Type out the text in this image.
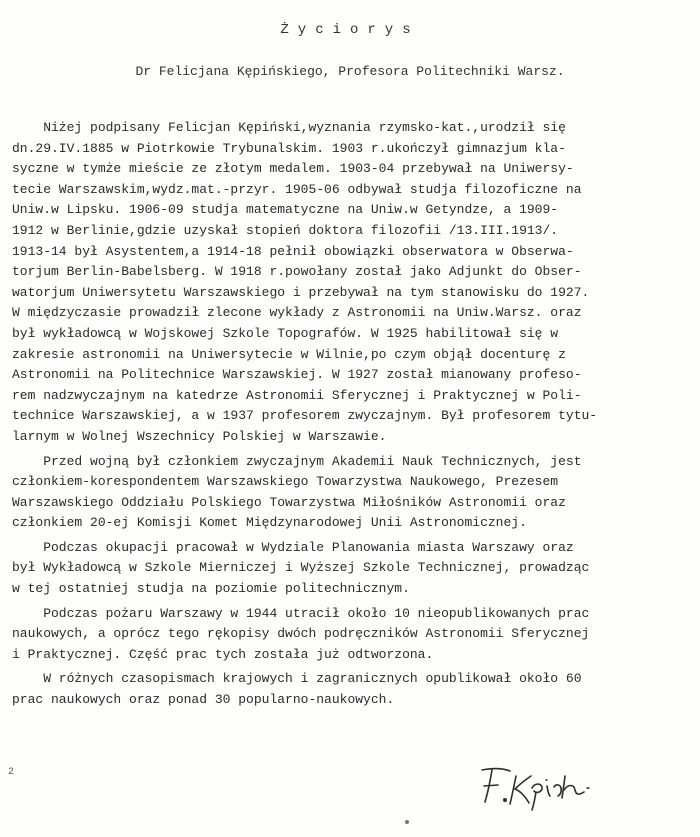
Życiorys
Dr Felicjana Kępińskiego, Profesora Politechniki Warsz.
Niżej podpisany Felicjan Kępiński,wyznania rzymsko-kat.,urodził się
dn.29.IV.1885 w Piotrkowie Trybunalskim. 1903 r.ukończył gimnazjum kla-
syczne w tymże mieście ze złotym medalem. 1903-04 przebywał na Uniwersy-
tecie Warszawskim,wydz.mat.-przyr. 1905-06 odbywał studja filozoficzne na
Uniw.w Lipsku. 1906-09 studja matematyczne na Uniw.w Getyndze, a 1909-
1912 w Berlinie,gdzie uzyskał stopień doktora filozofii /13.III.1913/.
1913-14 był Asystentem,a 1914-18 pełnił obowiązki obserwatora w Obserwa-
torjum Berlin-Babelsberg. W 1918 r.powołany został jako Adjunkt do Obser-
watorjum Uniwersytetu Warszawskiego i przebywał na tym stanowisku do 1927.
W międzyczasie prowadził zlecone wykłady z Astronomii na Uniw.Warsz. oraz
był wykładowcą w Wojskowej Szkole Topografów. W 1925 habilitował się w
zakresie astronomii na Uniwersytecie w Wilnie,po czym objął docenturę z
Astronomii na Politechnice Warszawskiej. W 1927 został mianowany profeso-
rem nadzwyczajnym na katedrze Astronomii Sferycznej i Praktycznej w Poli-
technice Warszawskiej, a w 1937 profesorem zwyczajnym. Był profesorem tytu-
larnym w Wolnej Wszechnicy Polskiej w Warszawie.
Przed wojną był członkiem zwyczajnym Akademii Nauk Technicznych, jest
członkiem-korespondentem Warszawskiego Towarzystwa Naukowego, Prezesem
Warszawskiego Oddziału Polskiego Towarzystwa Miłośników Astronomii oraz
członkiem 20-ej Komisji Komet Międzynarodowej Unii Astronomicznej.
Podczas okupacji pracował w Wydziale Planowania miasta Warszawy oraz
był Wykładowcą w Szkole Mierniczej i Wyższej Szkole Technicznej, prowadząc
w tej ostatniej studja na poziomie politechnicznym.
Podczas pożaru Warszawy w 1944 utracił około 10 nieopublikowanych prac
naukowych, a oprócz tego rękopisy dwóch podręczników Astronomii Sferycznej
i Praktycznej. Część prac tych została już odtworzona.
W różnych czasopismach krajowych i zagranicznych opublikował około 60
prac naukowych oraz ponad 30 popularno-naukowych.
2
